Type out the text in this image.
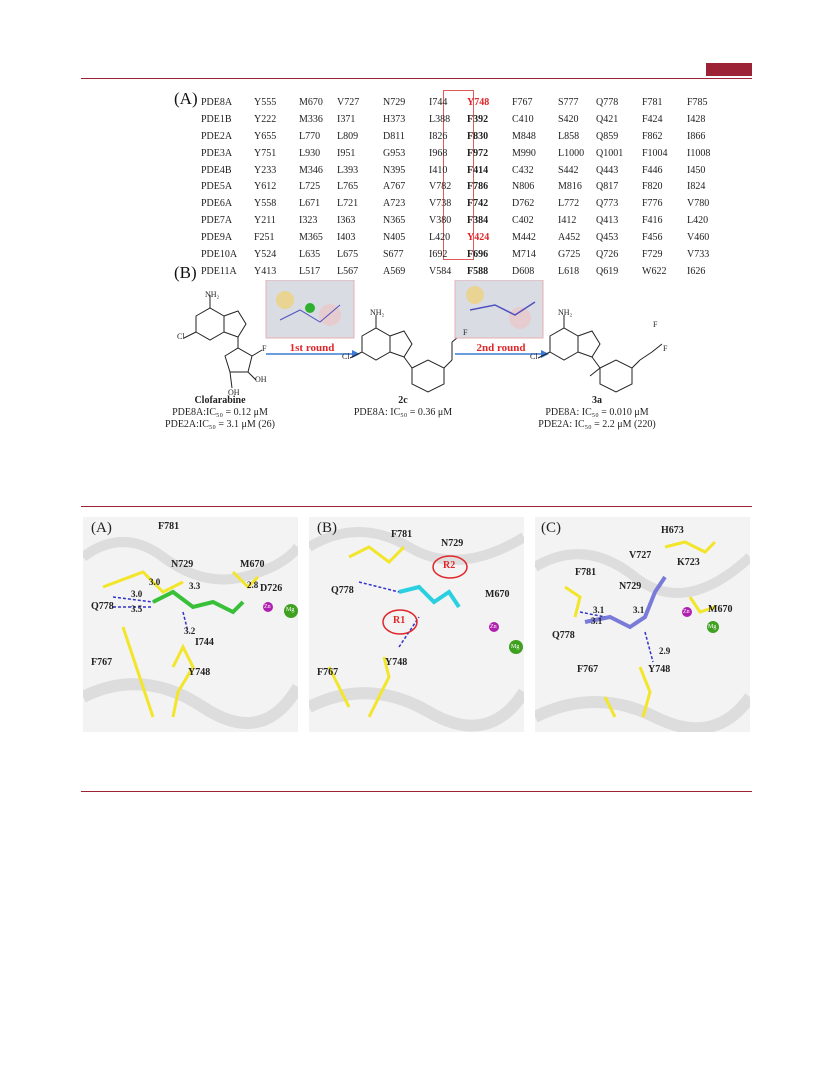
(A) PDE8A	Y555	M670	V727	N729	I744	Y748	F767	S777	Q778	F781	F785
PDE1B	Y222	M336	I371	H373	L388	F392	C410	S420	Q421	F424	I428
PDE2A	Y655	L770	L809	D811	I826	F830	M848	L858	Q859	F862	I866
PDE3A	Y751	L930	I951	G953	I968	F972	M990	L1000	Q1001	F1004	I1008
PDE4B	Y233	M346	L393	N395	I410	F414	C432	S442	Q443	F446	I450
PDE5A	Y612	L725	L765	A767	V782	F786	N806	M816	Q817	F820	I824
PDE6A	Y558	L671	L721	A723	V738	F742	D762	L772	Q773	F776	V780
PDE7A	Y211	I323	I363	N365	V380	F384	C402	I412	Q413	F416	L420
PDE9A	F251	M365	I403	N405	L420	Y424	M442	A452	Q453	F456	V460
PDE10A	Y524	L635	L675	S677	I692	F696	M714	G725	Q726	F729	V733
PDE11A	Y413	L517	L567	A569	V584	F588	D608	L618	Q619	W622	I626
(B)
NH₂
Cl
F
OH
OH
NH₂
Cl
F
NH₂
Cl
F
F
1st round	2nd round
Clofarabine
PDE8A:IC₅₀ = 0.12 μM
PDE2A:IC₅₀ = 3.1 μM (26)
2c
PDE8A: IC₅₀ = 0.36 μM
3a
PDE8A: IC₅₀ = 0.010 μM
PDE2A: IC₅₀ = 2.2 μM (220)
(A)	F781
N729	M670
D726
Q778
F767
I744
Y748
3.0	3.3
3.0
3.5
3.2
2.8
Zn	Mg
(B)	F781
N729
Q778	M670
F767
Y748
R1
R2
Zn
Mg
(C)	H673
V727
K723
F781
N729
Q778
M670
F767	Y748
3.1	3.1
3.1
2.9
Zn
Mg
